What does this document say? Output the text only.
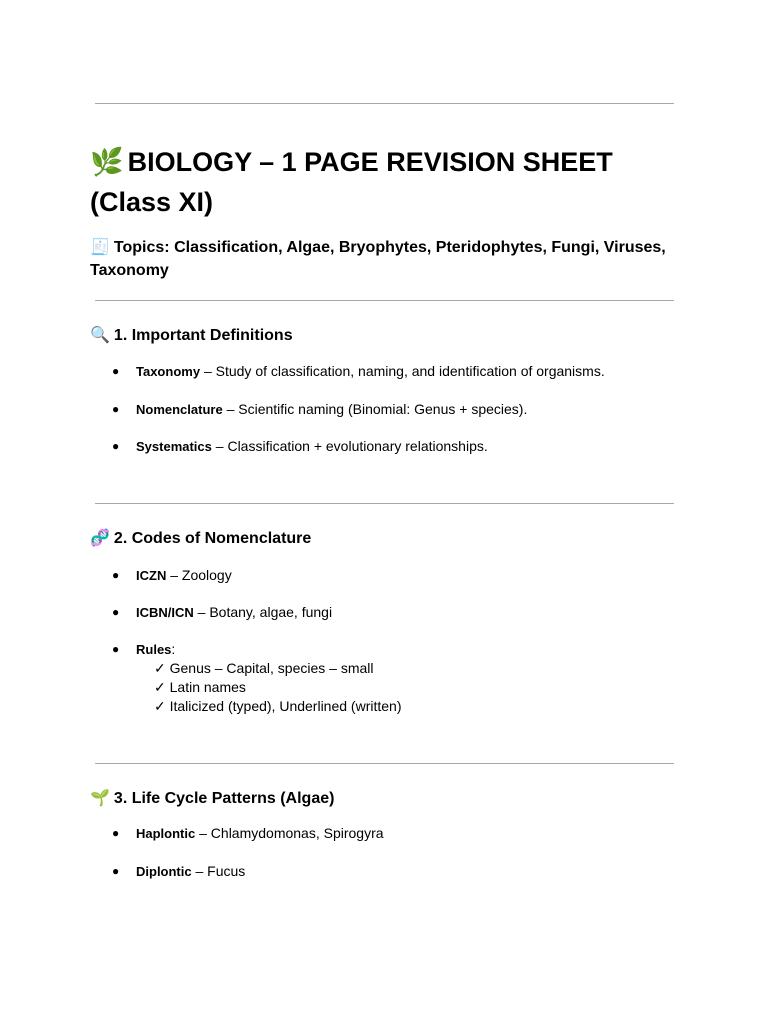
🌿 BIOLOGY – 1 PAGE REVISION SHEET
(Class XI)

🧾 Topics: Classification, Algae, Bryophytes, Pteridophytes, Fungi, Viruses, Taxonomy

🔍 1. Important Definitions
●	Taxonomy – Study of classification, naming, and identification of organisms.
●	Nomenclature – Scientific naming (Binomial: Genus + species).
●	Systematics – Classification + evolutionary relationships.
🧬 2. Codes of Nomenclature
●	ICZN – Zoology
●	ICBN/ICN – Botany, algae, fungi
●	Rules:
✓ Genus – Capital, species – small
✓ Latin names
✓ Italicized (typed), Underlined (written)
🌱 3. Life Cycle Patterns (Algae)
●	Haplontic – Chlamydomonas, Spirogyra
●	Diplontic – Fucus
